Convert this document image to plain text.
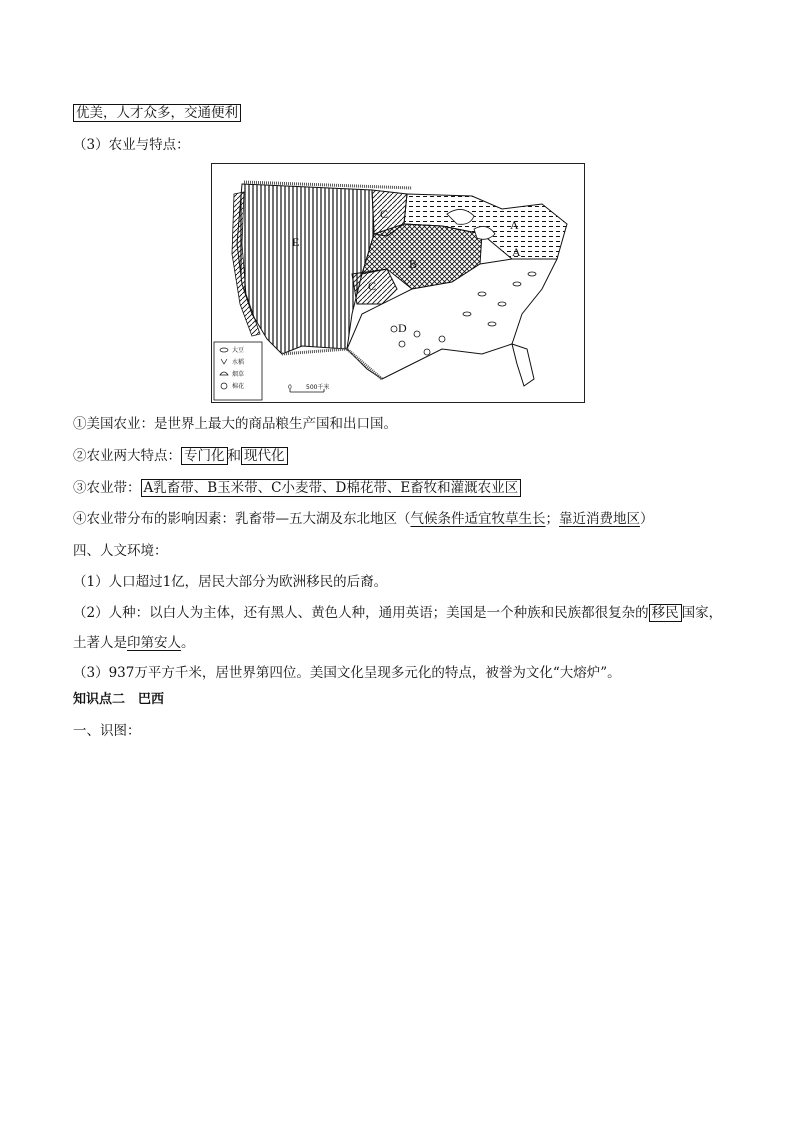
优美，人才众多，交通便利
（3）农业与特点：
A
B
C
C
D
E
A
大豆
水稻
烟草
棉花	0 500千米
①美国农业：是世界上最大的商品粮生产国和出口国。
②农业两大特点： 专门化 和 现代化
③农业带： A乳畜带、B玉米带、C小麦带、D棉花带、E畜牧和灌溉农业区
④农业带分布的影响因素：乳畜带—五大湖及东北地区（气候条件适宜牧草生长；靠近消费地区）
四、人文环境：
（1）人口超过1亿，居民大部分为欧洲移民的后裔。
（2）人种：以白人为主体，还有黑人、黄色人种，通用英语；美国是一个种族和民族都很复杂的 移民 国家，
土著人是印第安人。
（3）937万平方千米，居世界第四位。美国文化呈现多元化的特点，被誉为文化“大熔炉”。
知识点二　巴西
一、识图：
